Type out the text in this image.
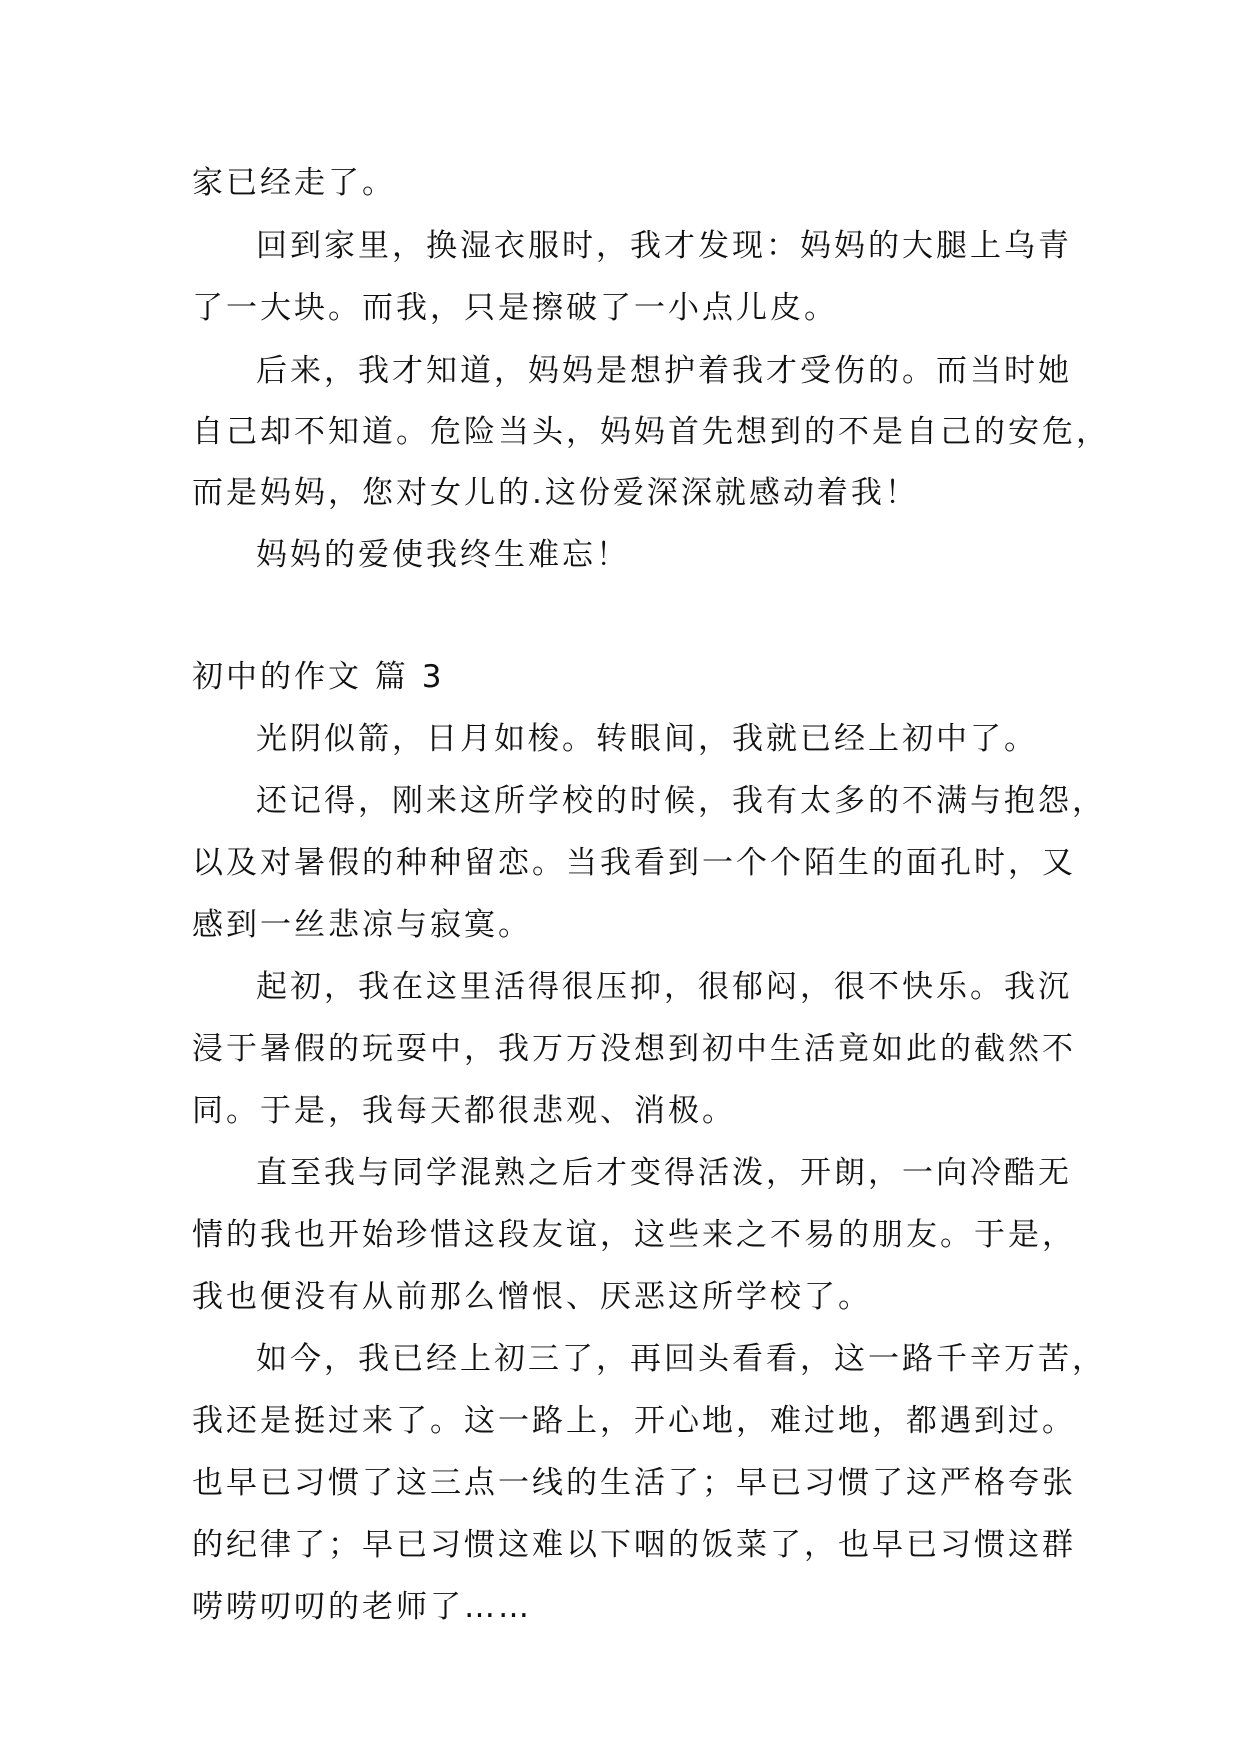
家已经走了。
回到家里，换湿衣服时，我才发现：妈妈的大腿上乌青
了一大块。而我，只是擦破了一小点儿皮。
后来，我才知道，妈妈是想护着我才受伤的。而当时她
自己却不知道。危险当头，妈妈首先想到的不是自己的安危，
而是妈妈，您对女儿的.这份爱深深就感动着我！
妈妈的爱使我终生难忘！
初中的作文 篇 3
光阴似箭，日月如梭。转眼间，我就已经上初中了。
还记得，刚来这所学校的时候，我有太多的不满与抱怨，
以及对暑假的种种留恋。当我看到一个个陌生的面孔时，又
感到一丝悲凉与寂寞。
起初，我在这里活得很压抑，很郁闷，很不快乐。我沉
浸于暑假的玩耍中，我万万没想到初中生活竟如此的截然不
同。于是，我每天都很悲观、消极。
直至我与同学混熟之后才变得活泼，开朗，一向冷酷无
情的我也开始珍惜这段友谊，这些来之不易的朋友。于是，
我也便没有从前那么憎恨、厌恶这所学校了。
如今，我已经上初三了，再回头看看，这一路千辛万苦，
我还是挺过来了。这一路上，开心地，难过地，都遇到过。
也早已习惯了这三点一线的生活了；早已习惯了这严格夸张
的纪律了；早已习惯这难以下咽的饭菜了，也早已习惯这群
唠唠叨叨的老师了……
